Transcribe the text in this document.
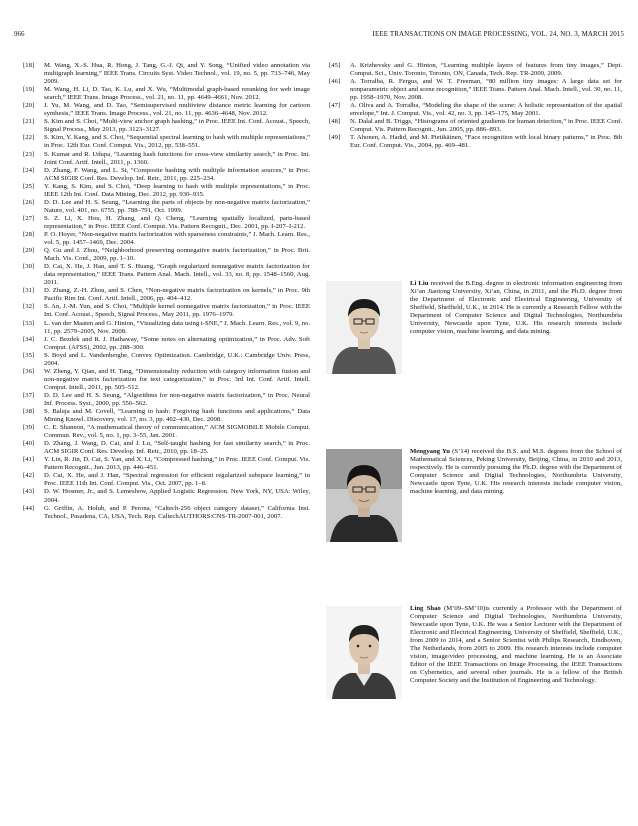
966	IEEE TRANSACTIONS ON IMAGE PROCESSING, VOL. 24, NO. 3, MARCH 2015
[18] M. Wang, X.-S. Hua, R. Hong, J. Tang, G.-J. Qi, and Y. Song, “Unified video annotation via multigraph learning,” IEEE Trans. Circuits Syst. Video Technol., vol. 19, no. 5, pp. 733–746, May 2009.
[19] M. Wang, H. Li, D. Tao, K. Lu, and X. Wu, “Multimodal graph-based reranking for web image search,” IEEE Trans. Image Process., vol. 21, no. 11, pp. 4649–4661, Nov. 2012.
[20] J. Yu, M. Wang, and D. Tao, “Semisupervised multiview distance metric learning for cartoon synthesis,” IEEE Trans. Image Process., vol. 21, no. 11, pp. 4636–4648, Nov. 2012.
[21] S. Kim and S. Choi, “Multi-view anchor graph hashing,” in Proc. IEEE Int. Conf. Acoust., Speech, Signal Process., May 2013, pp. 3123–3127.
[22] S. Kim, Y. Kang, and S. Choi, “Sequential spectral learning to hash with multiple representations,” in Proc. 12th Eur. Conf. Comput. Vis., 2012, pp. 538–551.
[23] S. Kumar and R. Udupa, “Learning hash functions for cross-view similarity search,” in Proc. Int. Joint Conf. Artif. Intell., 2011, p. 1360.
[24] D. Zhang, F. Wang, and L. Si, “Composite hashing with multiple information sources,” in Proc. ACM SIGIR Conf. Res. Develop. Inf. Retr., 2011, pp. 225–234.
[25] Y. Kang, S. Kim, and S. Choi, “Deep learning to hash with multiple representations,” in Proc. IEEE 12th Int. Conf. Data Mining, Dec. 2012, pp. 930–935.
[26] D. D. Lee and H. S. Seung, “Learning the parts of objects by non-negative matrix factorization,” Nature, vol. 401, no. 6755, pp. 788–791, Oct. 1999.
[27] S. Z. Li, X. Hou, H. Zhang, and Q. Cheng, “Learning spatially localized, parts-based representation,” in Proc. IEEE Conf. Comput. Vis. Pattern Recognit., Dec. 2001, pp. I-207–I-212.
[28] P. O. Hoyer, “Non-negative matrix factorization with sparseness constraints,” J. Mach. Learn. Res., vol. 5, pp. 1457–1469, Dec. 2004.
[29] Q. Gu and J. Zhou, “Neighborhood preserving nonnegative matrix factorization,” in Proc. Brit. Mach. Vis. Conf., 2009, pp. 1–10.
[30] D. Cai, X. He, J. Han, and T. S. Huang, “Graph regularized nonnegative matrix factorization for data representation,” IEEE Trans. Pattern Anal. Mach. Intell., vol. 33, no. 8, pp. 1548–1560, Aug. 2011.
[31] D. Zhang, Z.-H. Zhou, and S. Chen, “Non-negative matrix factorization on kernels,” in Proc. 9th Pacific Rim Int. Conf. Artif. Intell., 2006, pp. 404–412.
[32] S. An, J.-M. Yun, and S. Choi, “Multiple kernel nonnegative matrix factorization,” in Proc. IEEE Int. Conf. Acoust., Speech, Signal Process., May 2011, pp. 1976–1979.
[33] L. van der Maaten and G. Hinton, “Visualizing data using t-SNE,” J. Mach. Learn. Res., vol. 9, no. 11, pp. 2579–2605, Nov. 2008.
[34] J. C. Bezdek and R. J. Hathaway, “Some notes on alternating optimization,” in Proc. Adv. Soft Comput. (AFSS), 2002, pp. 288–300.
[35] S. Boyd and L. Vandenberghe, Convex Optimization. Cambridge, U.K.: Cambridge Univ. Press, 2004.
[36] W. Zheng, Y. Qian, and H. Tang, “Dimensionality reduction with category information fusion and non-negative matrix factorization for text categorization,” in Proc. 3rd Int. Conf. Artif. Intell. Comput. Intell., 2011, pp. 505–512.
[37] D. D. Lee and H. S. Seung, “Algorithms for non-negative matrix factorization,” in Proc. Neural Inf. Process. Syst., 2000, pp. 556–562.
[38] S. Baluja and M. Covell, “Learning to hash: Forgiving hash functions and applications,” Data Mining Knowl. Discovery, vol. 17, no. 3, pp. 402–430, Dec. 2008.
[39] C. E. Shannon, “A mathematical theory of communication,” ACM SIGMOBILE Mobile Comput. Commun. Rev., vol. 5, no. 1, pp. 3–55, Jan. 2001.
[40] D. Zhang, J. Wang, D. Cai, and J. Lu, “Self-taught hashing for fast similarity search,” in Proc. ACM SIGIR Conf. Res. Develop. Inf. Retr., 2010, pp. 18–25.
[41] Y. Lin, R. Jin, D. Cai, S. Yan, and X. Li, “Compressed hashing,” in Proc. IEEE Conf. Comput. Vis. Pattern Recognit., Jun. 2013, pp. 446–451.
[42] D. Cai, X. He, and J. Han, “Spectral regression for efficient regularized subspace learning,” in Proc. IEEE 11th Int. Conf. Comput. Vis., Oct. 2007, pp. 1–8.
[43] D. W. Hosmer, Jr., and S. Lemeshow, Applied Logistic Regression. New York, NY, USA: Wiley, 2004.
[44] G. Griffin, A. Holub, and P. Perona, “Caltech-256 object category dataset,” California Inst. Technol., Pasadena, CA, USA, Tech. Rep. CaltechAUTHORS:CNS-TR-2007-001, 2007.
[45] A. Krizhevsky and G. Hinton, “Learning multiple layers of features from tiny images,” Dept. Comput. Sci., Univ. Toronto, Toronto, ON, Canada, Tech. Rep. TR-2009, 2009.
[46] A. Torralba, R. Fergus, and W. T. Freeman, “80 million tiny images: A large data set for nonparametric object and scene recognition,” IEEE Trans. Pattern Anal. Mach. Intell., vol. 30, no. 11, pp. 1958–1970, Nov. 2008.
[47] A. Oliva and A. Torralba, “Modeling the shape of the scene: A holistic representation of the spatial envelope,” Int. J. Comput. Vis., vol. 42, no. 3, pp. 145–175, May 2001.
[48] N. Dalal and B. Triggs, “Histograms of oriented gradients for human detection,” in Proc. IEEE Conf. Comput. Vis. Pattern Recognit., Jun. 2005, pp. 886–893.
[49] T. Ahonen, A. Hadid, and M. Pietikäinen, “Face recognition with local binary patterns,” in Proc. 8th Eur. Conf. Comput. Vis., 2004, pp. 469–481.
Li Liu received the B.Eng. degree in electronic information engineering from Xi’an Jiaotong University, Xi’an, China, in 2011, and the Ph.D. degree from the Department of Electronic and Electrical Engineering, University of Sheffield, Sheffield, U.K., in 2014. He is currently a Research Fellow with the Department of Computer Science and Digital Technologies, Northumbria University, Newcastle upon Tyne, U.K. His research interests include computer vision, machine learning, and data mining.
Mengyang Yu (S’14) received the B.S. and M.S. degrees from the School of Mathematical Sciences, Peking University, Beijing, China, in 2010 and 2013, respectively. He is currently pursuing the Ph.D. degree with the Department of Computer Science and Digital Technologies, Northumbria University, Newcastle upon Tyne, U.K. His research interests include computer vision, machine learning, and data mining.
Ling Shao (M’09–SM’10)is currently a Professor with the Department of Computer Science and Digital Technologies, Northumbria University, Newcastle upon Tyne, U.K. He was a Senior Lecturer with the Department of Electronic and Electrical Engineering, University of Sheffield, Sheffield, U.K., from 2009 to 2014, and a Senior Scientist with Philips Research, Eindhoven, The Netherlands, from 2005 to 2009. His research interests include computer vision, image/video processing, and machine learning. He is an Associate Editor of the IEEE Transactions on Image Processing, the IEEE Transactions on Cybernetics, and several other journals. He is a fellow of the British Computer Society and the Institution of Engineering and Technology.
